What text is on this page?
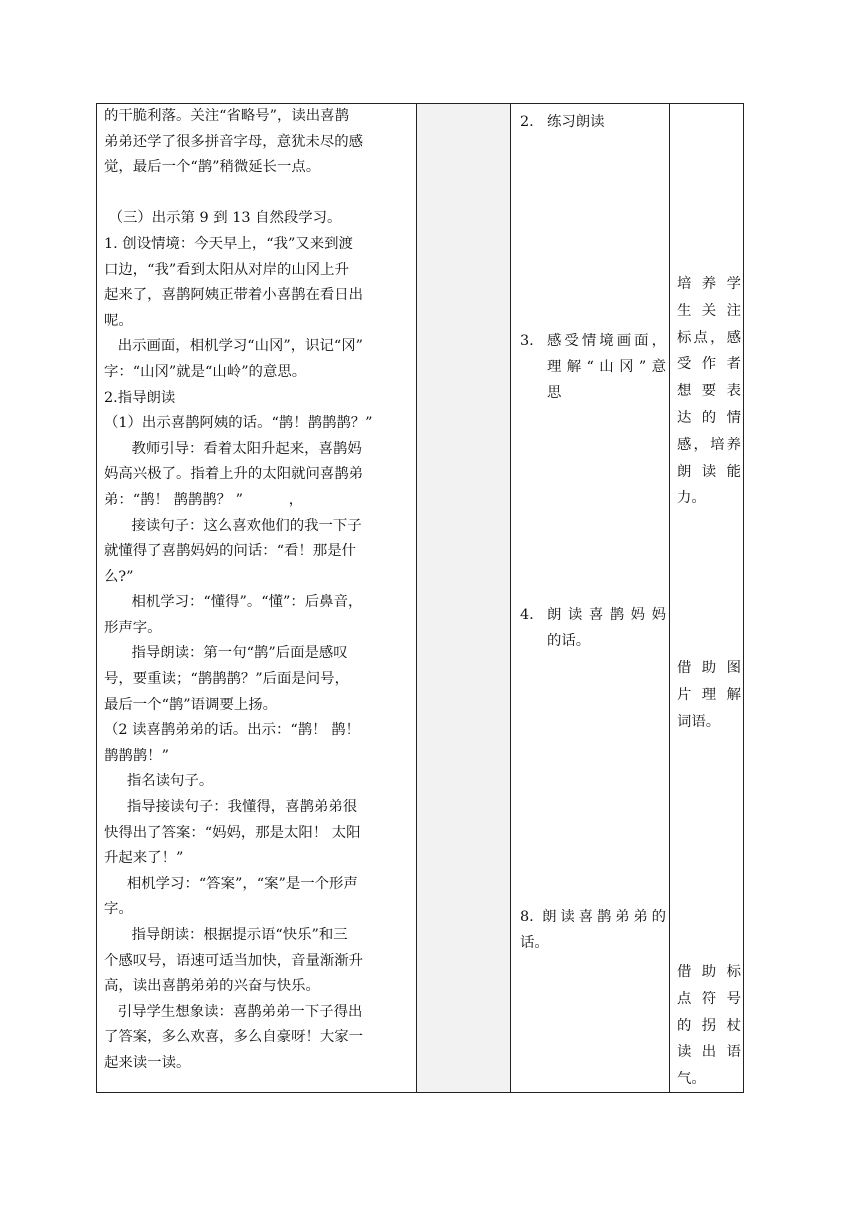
的干脆利落。关注“省略号”，读出喜鹊

弟弟还学了很多拼音字母，意犹未尽的感

觉，最后一个“鹊”稍微延长一点。

（三）出示第 9 到 13 自然段学习。

1. 创设情境：今天早上，“我”又来到渡

口边，“我”看到太阳从对岸的山冈上升

起来了，喜鹊阿姨正带着小喜鹊在看日出

呢。

出示画面，相机学习“山冈”，识记“冈”

字：“山冈”就是“山岭”的意思。

2.指导朗读

（1）出示喜鹊阿姨的话。“鹊！鹊鹊鹊？”

教师引导：看着太阳升起来，喜鹊妈

妈高兴极了。指着上升的太阳就问喜鹊弟

弟：“鹊！ 鹊鹊鹊？ ”          ，

接读句子：这么喜欢他们的我一下子

就懂得了喜鹊妈妈的问话：“看！那是什

么?”

相机学习：“懂得”。“懂”：后鼻音，

形声字。

指导朗读：第一句“鹊”后面是感叹

号，要重读；“鹊鹊鹊？”后面是问号，

最后一个“鹊”语调要上扬。

（2 读喜鹊弟弟的话。出示：“鹊！ 鹊！

鹊鹊鹊！”

指名读句子。

指导接读句子：我懂得，喜鹊弟弟很

快得出了答案：“妈妈，那是太阳！ 太阳

升起来了！”

相机学习：“答案”，“案”是一个形声

字。

指导朗读：根据提示语“快乐”和三

个感叹号，语速可适当加快，音量渐渐升

高，读出喜鹊弟弟的兴奋与快乐。

引导学生想象读：喜鹊弟弟一下子得出

了答案，多么欢喜，多么自豪呀！大家一

起来读一读。

2. 练习朗读
3. 感受情境画面，
理解“山冈”意
思
4. 朗读喜鹊妈妈
的话。
8. 朗读喜鹊弟弟的
话。
培养学
生关注
标点，感
受作者
想要表
达的情
感，培养
朗读能
力。
借助图
片理解
词语。
借助标
点符号
的拐杖
读出语
气。
